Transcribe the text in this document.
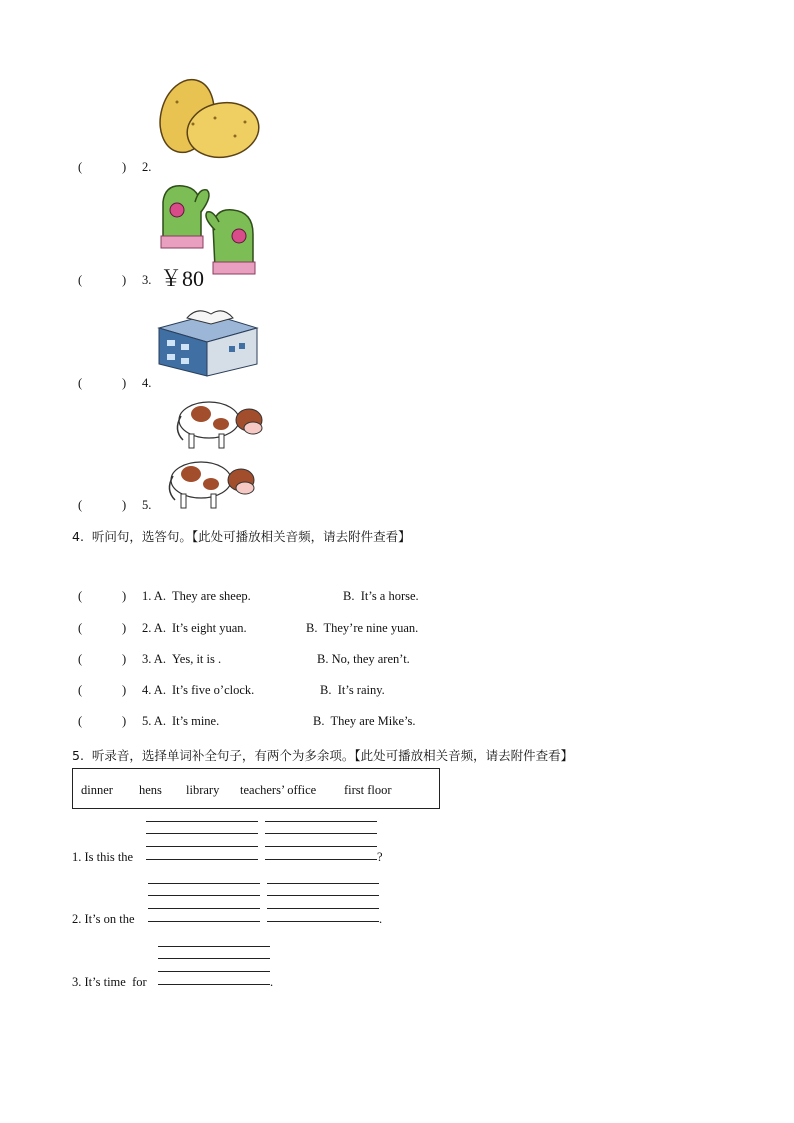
(	) 2.
(	) 3. ￥80
(	) 4.
(	) 5.
4.  听问句，选答句。【此处可播放相关音频，请去附件查看】
(	) 1. A. They are sheep.	B.  It’s a horse.
(	) 2. A. It’s eight yuan.	B.  They’re nine yuan.
(	) 3. A. Yes, it is .	B. No, they aren’t.
(	) 4. A. It’s five o’clock.	B.  It’s rainy.
(	) 5. A. It’s mine.	B.  They are Mike’s.
5.  听录音，选择单词补全句子，有两个为多余项。【此处可播放相关音频，请去附件查看】
dinner hens library teachers’ office first floor
1. Is this the	?
2. It’s on the	.
3. It’s time  for	.
